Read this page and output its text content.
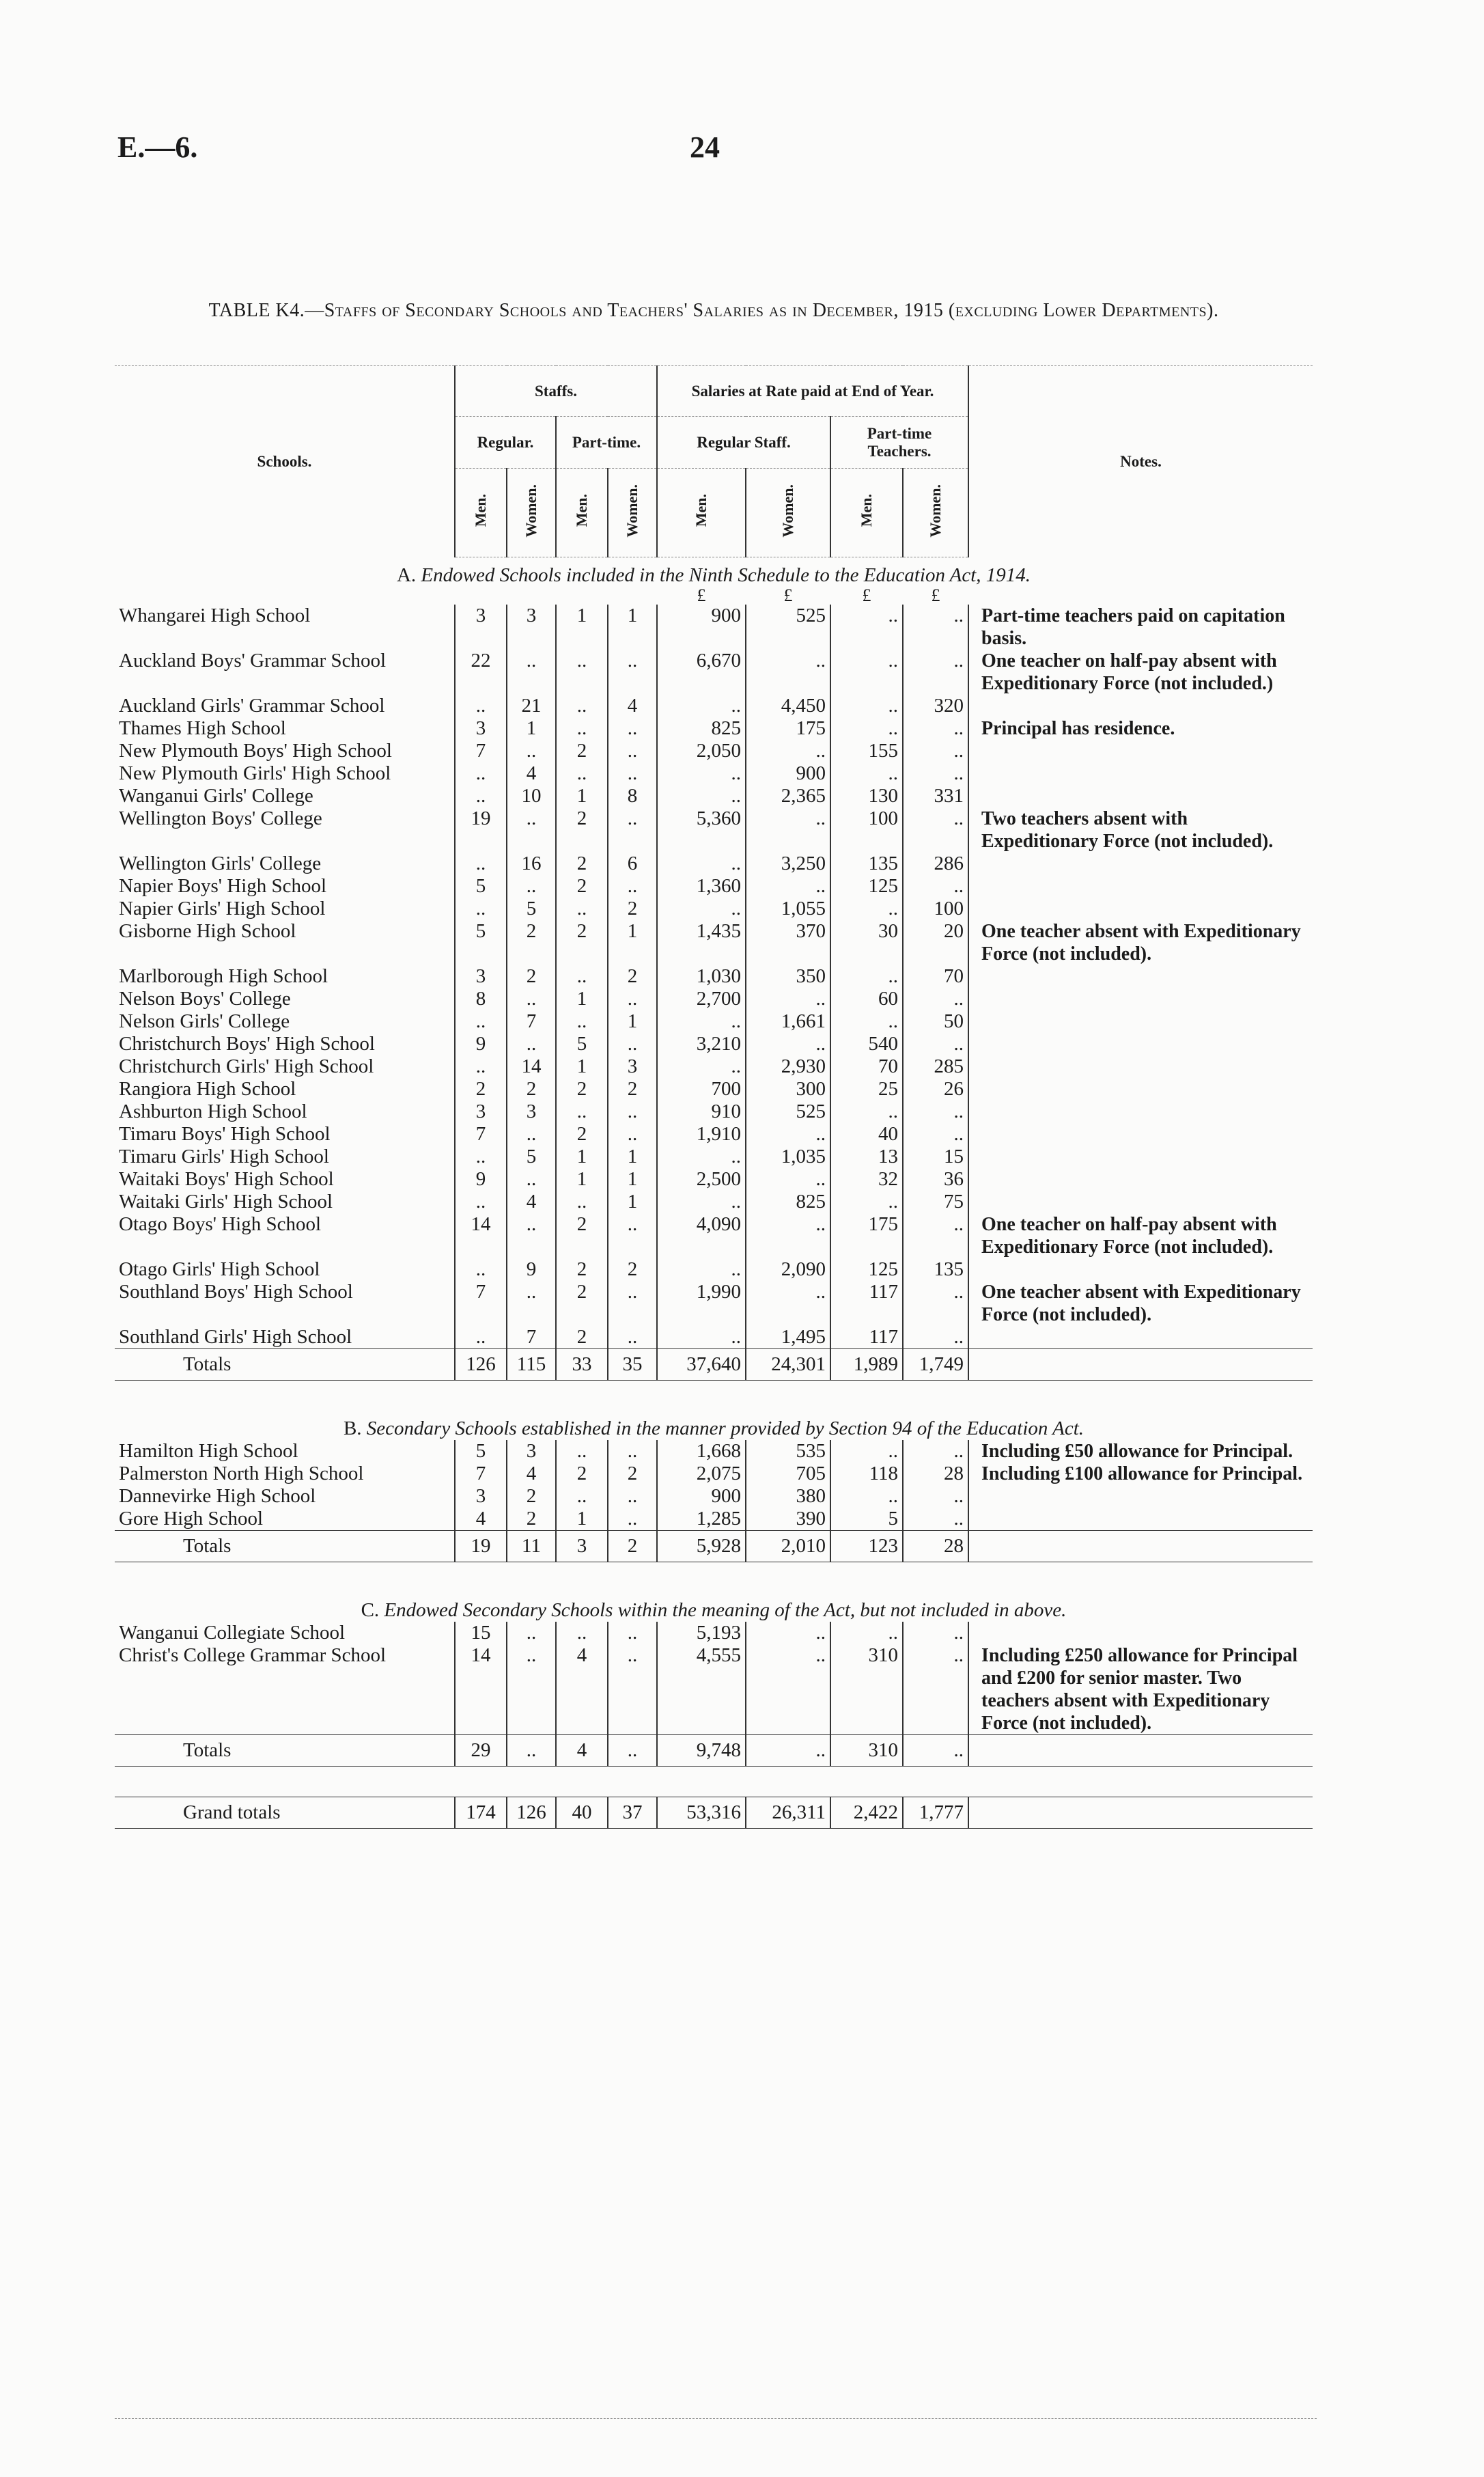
E.—6.	24
TABLE K4.—Staffs of Secondary Schools and Teachers' Salaries as in December, 1915 (excluding Lower Departments).
Schools.	Staffs.				Salaries at Rate paid at End of Year.				Notes.
	Regular.		Part-time.		Regular Staff.		Part-time Teachers.		
	Men.	Women.	Men.	Women.	Men.	Women.	Men.	Women.	
A. Endowed Schools included in the Ninth Schedule to the Education Act, 1914.									
					£	£	£	£	
Whangarei High School	3	3	1	1	900	525	..	..	Part-time teachers paid on capitation basis.
Auckland Boys' Grammar School	22	..	..	..	6,670	..	..	..	One teacher on half-pay absent with Expeditionary Force (not included.)
Auckland Girls' Grammar School	..	21	..	4	..	4,450	..	320	
Thames High School	3	1	..	..	825	175	..	..	Principal has residence.
New Plymouth Boys' High School	7	..	2	..	2,050	..	155	..	
New Plymouth Girls' High School	..	4	..	..	..	900	..	..	
Wanganui Girls' College	..	10	1	8	..	2,365	130	331	
Wellington Boys' College	19	..	2	..	5,360	..	100	..	Two teachers absent with Expeditionary Force (not included).
Wellington Girls' College	..	16	2	6	..	3,250	135	286	
Napier Boys' High School	5	..	2	..	1,360	..	125	..	
Napier Girls' High School	..	5	..	2	..	1,055	..	100	
Gisborne High School	5	2	2	1	1,435	370	30	20	One teacher absent with Expeditionary Force (not included).
Marlborough High School	3	2	..	2	1,030	350	..	70	
Nelson Boys' College	8	..	1	..	2,700	..	60	..	
Nelson Girls' College	..	7	..	1	..	1,661	..	50	
Christchurch Boys' High School	9	..	5	..	3,210	..	540	..	
Christchurch Girls' High School	..	14	1	3	..	2,930	70	285	
Rangiora High School	2	2	2	2	700	300	25	26	
Ashburton High School	3	3	..	..	910	525	..	..	
Timaru Boys' High School	7	..	2	..	1,910	..	40	..	
Timaru Girls' High School	..	5	1	1	..	1,035	13	15	
Waitaki Boys' High School	9	..	1	1	2,500	..	32	36	
Waitaki Girls' High School	..	4	..	1	..	825	..	75	
Otago Boys' High School	14	..	2	..	4,090	..	175	..	One teacher on half-pay absent with Expeditionary Force (not included).
Otago Girls' High School	..	9	2	2	..	2,090	125	135	
Southland Boys' High School	7	..	2	..	1,990	..	117	..	One teacher absent with Expeditionary Force (not included).
Southland Girls' High School	..	7	2	..	..	1,495	117	..	
Totals	126	115	33	35	37,640	24,301	1,989	1,749	

B. Secondary Schools established in the manner provided by Section 94 of the Education Act.									
Hamilton High School	5	3	..	..	1,668	535	..	..	Including £50 allowance for Principal.
Palmerston North High School	7	4	2	2	2,075	705	118	28	Including £100 allowance for Principal.
Dannevirke High School	3	2	..	..	900	380	..	..	
Gore High School	4	2	1	..	1,285	390	5	..	
Totals	19	11	3	2	5,928	2,010	123	28	

C. Endowed Secondary Schools within the meaning of the Act, but not included in above.									
Wanganui Collegiate School	15	..	..	..	5,193	..	..	..	
Christ's College Grammar School	14	..	4	..	4,555	..	310	..	Including £250 allowance for Principal and £200 for senior master. Two teachers absent with Expeditionary Force (not included).
Totals	29	..	4	..	9,748	..	310	..	

Grand totals	174	126	40	37	53,316	26,311	2,422	1,777	
